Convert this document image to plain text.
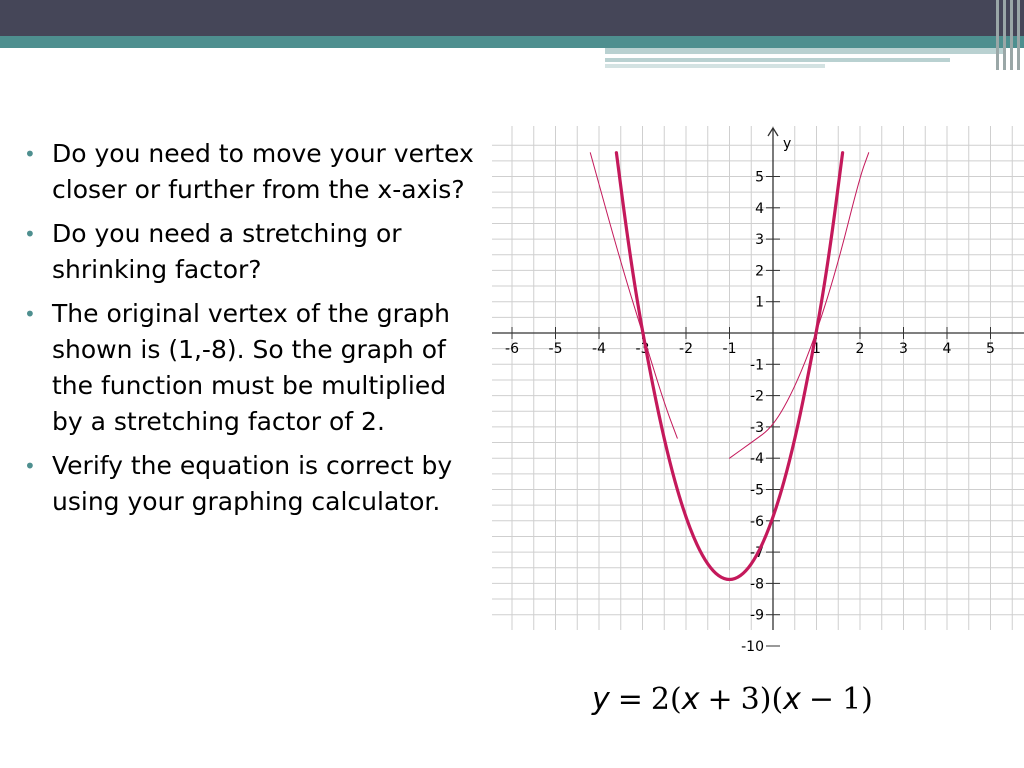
• Do you need to move your vertex closer or further from the x-axis?
• Do you need a stretching or shrinking factor?
• The original vertex of the graph shown is (1,-8). So the graph of the function must be multiplied by a stretching factor of 2.
• Verify the equation is correct by using your graphing calculator.
-6 -5 -4 -3 -2 -1	1 2 3 4 5
5
4
3
2
1
-1
-2
-3
-4
-5
-6
-7
-8
-9
-10
y
y = 2(x + 3)(x − 1)
